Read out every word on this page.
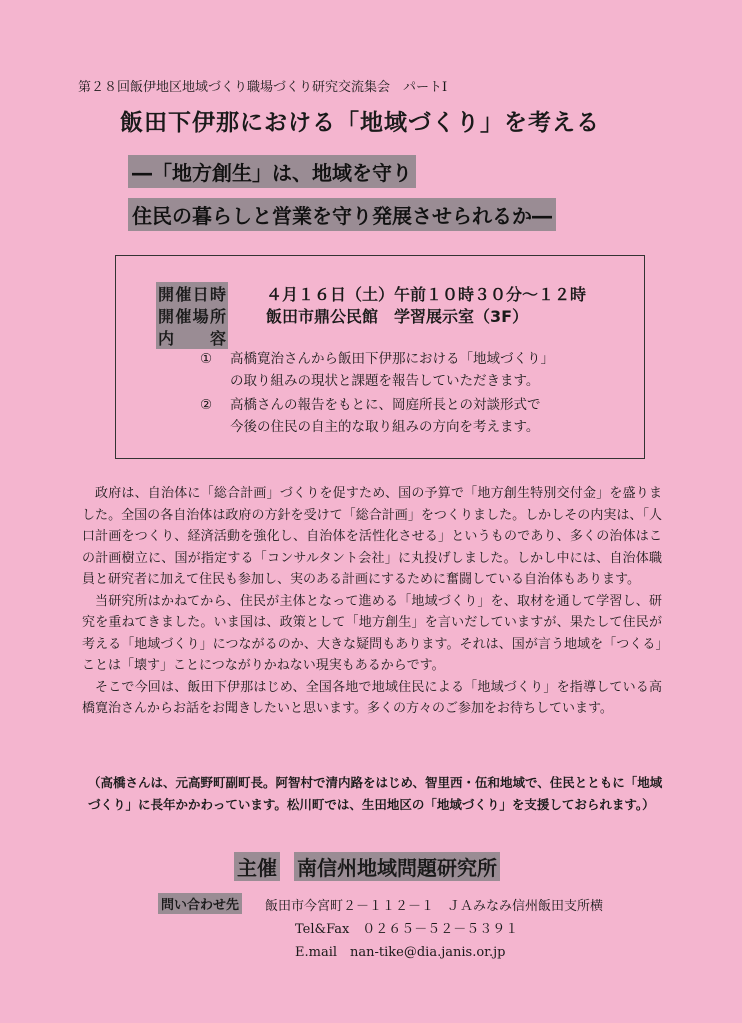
第２８回飯伊地区地域づくり職場づくり研究交流集会　パートⅠ
飯田下伊那における「地域づくり」を考える
―「地方創生」は、地域を守り
住民の暮らしと営業を守り発展させられるか―
開催日時	４月１６日（土）午前１０時３０分～１２時
開催場所	飯田市鼎公民館　学習展示室（3F）
内　容
①	高橋寛治さんから飯田下伊那における「地域づくり」
の取り組みの現状と課題を報告していただきます。
②	高橋さんの報告をもとに、岡庭所長との対談形式で
今後の住民の自主的な取り組みの方向を考えます。

政府は、自治体に「総合計画」づくりを促すため、国の予算で「地方創生特別交付金」を盛りました。全国の各自治体は政府の方針を受けて「総合計画」をつくりました。しかしその内実は、「人口計画をつくり、経済活動を強化し、自治体を活性化させる」というものであり、多くの治体はこの計画樹立に、国が指定する「コンサルタント会社」に丸投げしました。しかし中には、自治体職員と研究者に加えて住民も参加し、実のある計画にするために奮闘している自治体もあります。

当研究所はかねてから、住民が主体となって進める「地域づくり」を、取材を通して学習し、研究を重ねてきました。いま国は、政策として「地方創生」を言いだしていますが、果たして住民が考える「地域づくり」につながるのか、大きな疑問もあります。それは、国が言う地域を「つくる」ことは「壊す」ことにつながりかねない現実もあるからです。

そこで今回は、飯田下伊那はじめ、全国各地で地域住民による「地域づくり」を指導している高橋寛治さんからお話をお聞きしたいと思います。多くの方々のご参加をお待ちしています。

（高橋さんは、元高野町副町長。阿智村で清内路をはじめ、智里西・伍和地域で、住民とともに「地域づくり」に長年かかわっています。松川町では、生田地区の「地域づくり」を支援しておられます。）
主催 南信州地域問題研究所
問い合わせ先 飯田市今宮町２－１１２－１　ＪＡみなみ信州飯田支所横
Tel&Fax　０２６５－５２－５３９１
E.mail　nan-tike@dia.janis.or.jp
